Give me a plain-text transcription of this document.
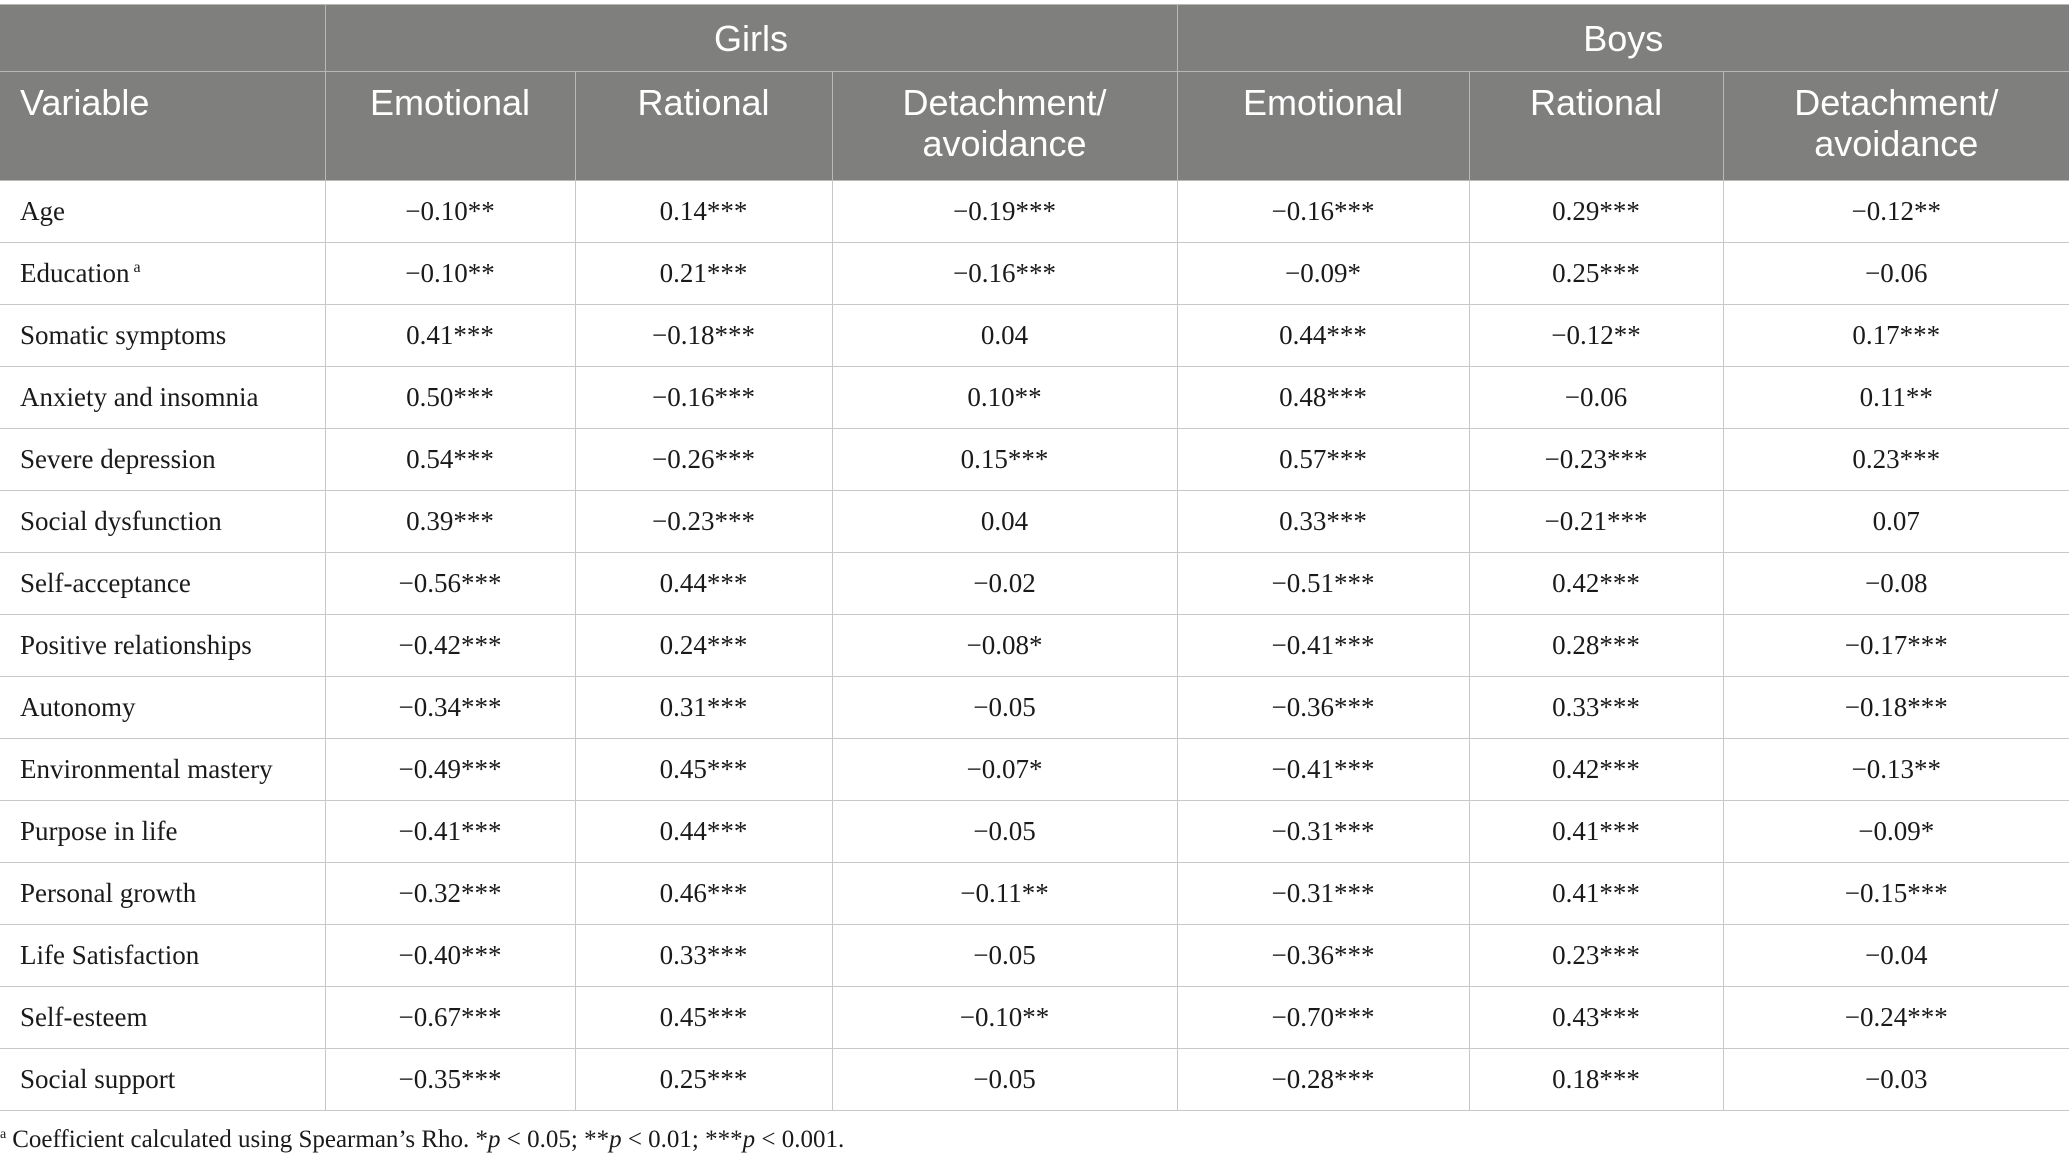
	Girls			Boys		
Variable	Emotional	Rational	Detachment/ avoidance	Emotional	Rational	Detachment/ avoidance
Age	−0.10**	0.14***	−0.19***	−0.16***	0.29***	−0.12**
Education $^a$	−0.10**	0.21***	−0.16***	−0.09*	0.25***	−0.06
Somatic symptoms	0.41***	−0.18***	0.04	0.44***	−0.12**	0.17***
Anxiety and insomnia	0.50***	−0.16***	0.10**	0.48***	−0.06	0.11**
Severe depression	0.54***	−0.26***	0.15***	0.57***	−0.23***	0.23***
Social dysfunction	0.39***	−0.23***	0.04	0.33***	−0.21***	0.07
Self-acceptance	−0.56***	0.44***	−0.02	−0.51***	0.42***	−0.08
Positive relationships	−0.42***	0.24***	−0.08*	−0.41***	0.28***	−0.17***
Autonomy	−0.34***	0.31***	−0.05	−0.36***	0.33***	−0.18***
Environmental mastery	−0.49***	0.45***	−0.07*	−0.41***	0.42***	−0.13**
Purpose in life	−0.41***	0.44***	−0.05	−0.31***	0.41***	−0.09*
Personal growth	−0.32***	0.46***	−0.11**	−0.31***	0.41***	−0.15***
Life Satisfaction	−0.40***	0.33***	−0.05	−0.36***	0.23***	−0.04
Self-esteem	−0.67***	0.45***	−0.10**	−0.70***	0.43***	−0.24***
Social support	−0.35***	0.25***	−0.05	−0.28***	0.18***	−0.03
$^a$ Coefficient calculated using Spearman’s Rho. *p < 0.05; **p < 0.01; ***p < 0.001.
